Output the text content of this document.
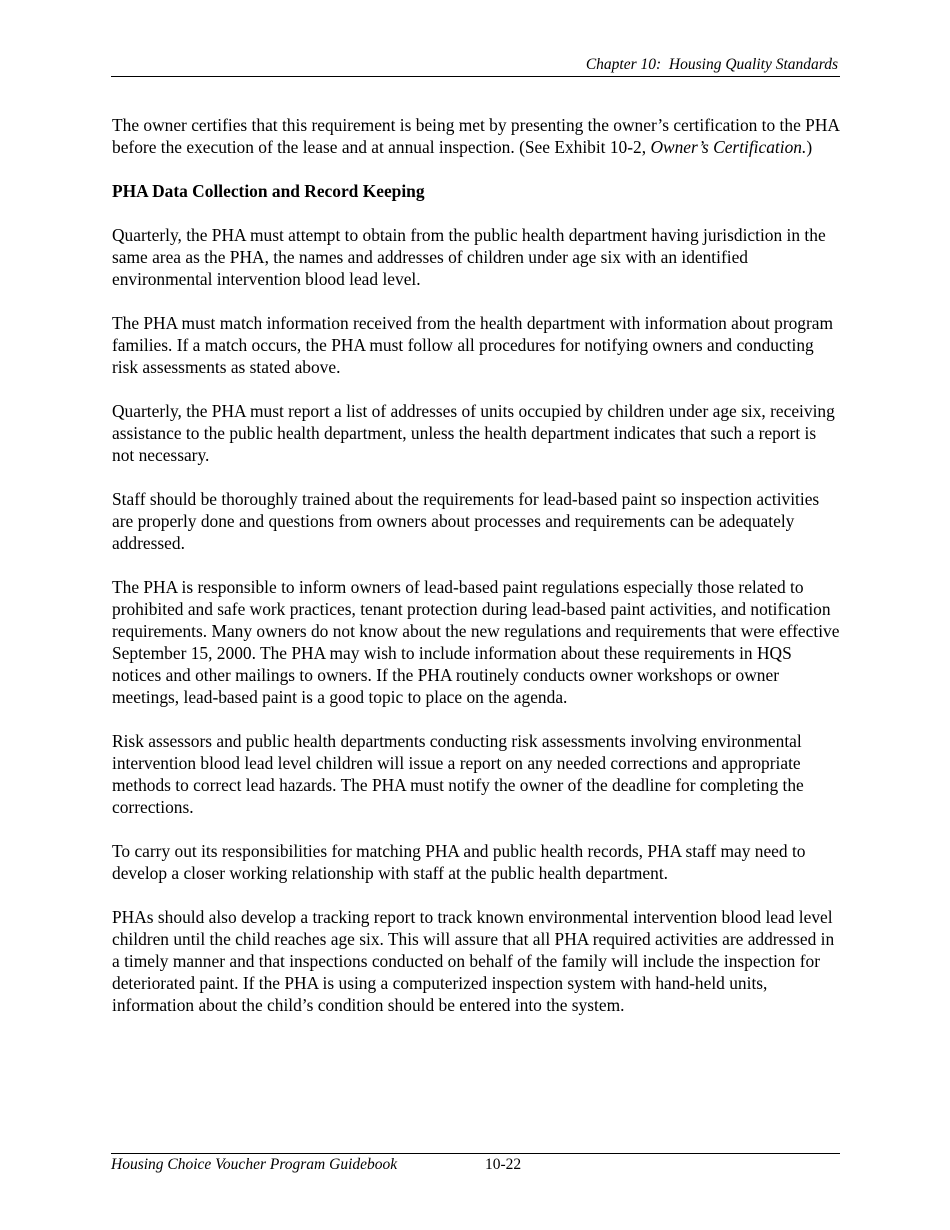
Chapter 10:  Housing Quality Standards

The owner certifies that this requirement is being met by presenting the owner’s certification to the PHA before the execution of the lease and at annual inspection. (See Exhibit 10-2, Owner’s Certification.)

PHA Data Collection and Record Keeping

Quarterly, the PHA must attempt to obtain from the public health department having jurisdiction in the same area as the PHA, the names and addresses of children under age six with an identified environmental intervention blood lead level.

The PHA must match information received from the health department with information about program families. If a match occurs, the PHA must follow all procedures for notifying owners and conducting risk assessments as stated above.

Quarterly, the PHA must report a list of addresses of units occupied by children under age six, receiving assistance to the public health department, unless the health department indicates that such a report is not necessary.

Staff should be thoroughly trained about the requirements for lead-based paint so inspection activities are properly done and questions from owners about processes and requirements can be adequately addressed.

The PHA is responsible to inform owners of lead-based paint regulations especially those related to prohibited and safe work practices, tenant protection during lead-based paint activities, and notification requirements. Many owners do not know about the new regulations and requirements that were effective September 15, 2000. The PHA may wish to include information about these requirements in HQS notices and other mailings to owners. If the PHA routinely conducts owner workshops or owner meetings, lead-based paint is a good topic to place on the agenda.

Risk assessors and public health departments conducting risk assessments involving environmental intervention blood lead level children will issue a report on any needed corrections and appropriate methods to correct lead hazards. The PHA must notify the owner of the deadline for completing the corrections.

To carry out its responsibilities for matching PHA and public health records, PHA staff may need to develop a closer working relationship with staff at the public health department.

PHAs should also develop a tracking report to track known environmental intervention blood lead level children until the child reaches age six. This will assure that all PHA required activities are addressed in a timely manner and that inspections conducted on behalf of the family will include the inspection for deteriorated paint. If the PHA is using a computerized inspection system with hand-held units, information about the child’s condition should be entered into the system.

Housing Choice Voucher Program Guidebook	10-22
